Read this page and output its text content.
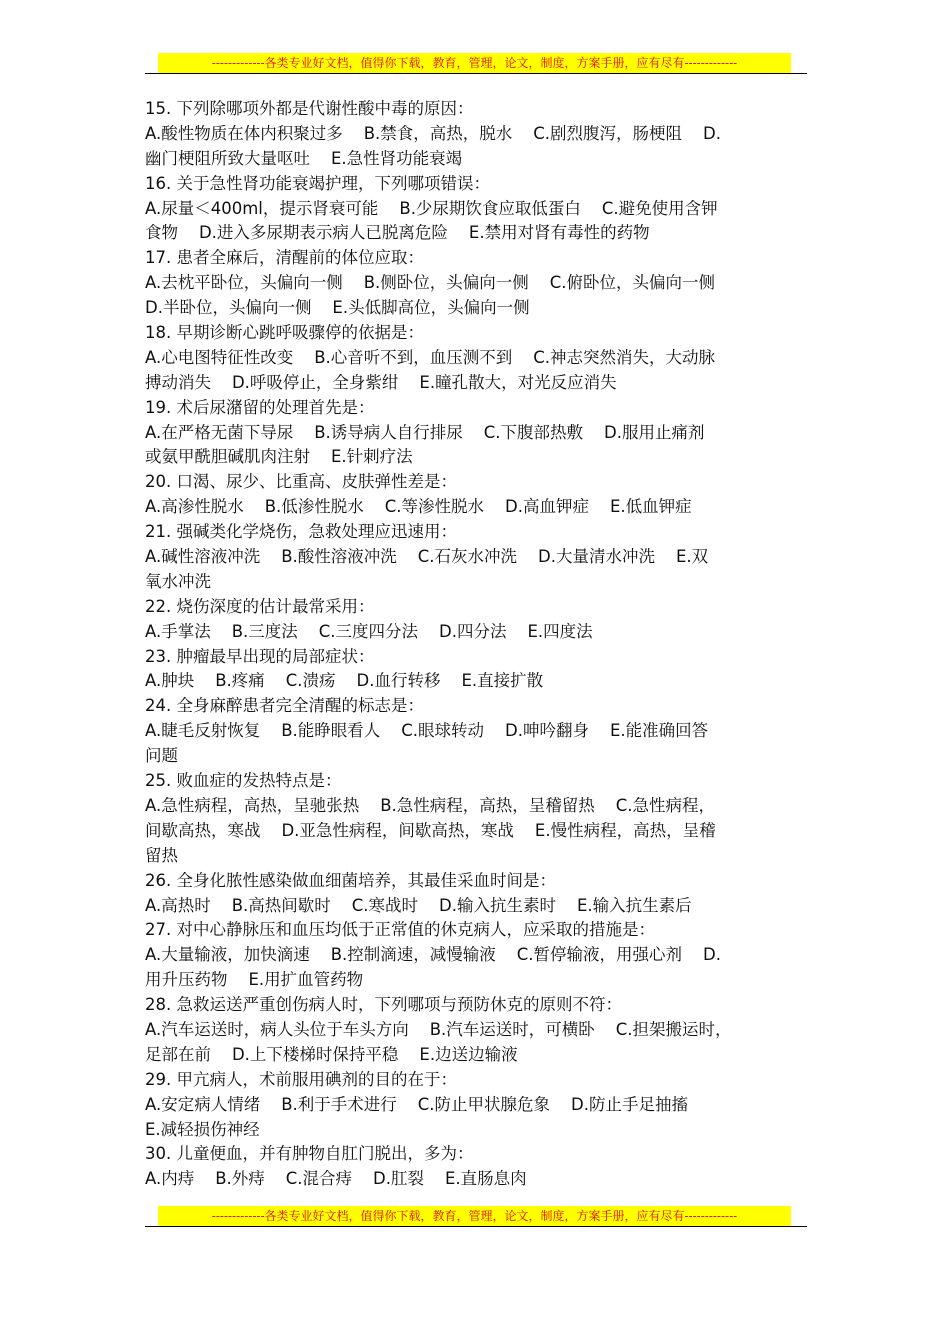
-------------各类专业好文档，值得你下载，教育，管理，论文，制度，方案手册，应有尽有-------------
15. 下列除哪项外都是代谢性酸中毒的原因：
A.酸性物质在体内积聚过多    B.禁食，高热，脱水    C.剧烈腹泻，肠梗阻    D.
幽门梗阻所致大量呕吐    E.急性肾功能衰竭
16. 关于急性肾功能衰竭护理，下列哪项错误：
A.尿量＜400ml，提示肾衰可能    B.少尿期饮食应取低蛋白    C.避免使用含钾
食物    D.进入多尿期表示病人已脱离危险    E.禁用对肾有毒性的药物
17. 患者全麻后，清醒前的体位应取：
A.去枕平卧位，头偏向一侧    B.侧卧位，头偏向一侧    C.俯卧位，头偏向一侧
D.半卧位，头偏向一侧    E.头低脚高位，头偏向一侧
18. 早期诊断心跳呼吸骤停的依据是：
A.心电图特征性改变    B.心音听不到，血压测不到    C.神志突然消失，大动脉
搏动消失    D.呼吸停止，全身紫绀    E.瞳孔散大，对光反应消失
19. 术后尿潴留的处理首先是：
A.在严格无菌下导尿    B.诱导病人自行排尿    C.下腹部热敷    D.服用止痛剂
或氨甲酰胆碱肌肉注射    E.针刺疗法
20. 口渴、尿少、比重高、皮肤弹性差是：
A.高渗性脱水    B.低渗性脱水    C.等渗性脱水    D.高血钾症    E.低血钾症
21. 强碱类化学烧伤，急救处理应迅速用：
A.碱性溶液冲洗    B.酸性溶液冲洗    C.石灰水冲洗    D.大量清水冲洗    E.双
氧水冲洗
22. 烧伤深度的估计最常采用：
A.手掌法    B.三度法    C.三度四分法    D.四分法    E.四度法
23. 肿瘤最早出现的局部症状：
A.肿块    B.疼痛    C.溃疡    D.血行转移    E.直接扩散
24. 全身麻醉患者完全清醒的标志是：
A.睫毛反射恢复    B.能睁眼看人    C.眼球转动    D.呻吟翻身    E.能准确回答
问题
25. 败血症的发热特点是：
A.急性病程，高热，呈驰张热    B.急性病程，高热，呈稽留热    C.急性病程，
间歇高热，寒战    D.亚急性病程，间歇高热，寒战    E.慢性病程，高热，呈稽
留热
26. 全身化脓性感染做血细菌培养，其最佳采血时间是：
A.高热时    B.高热间歇时    C.寒战时    D.输入抗生素时    E.输入抗生素后
27. 对中心静脉压和血压均低于正常值的休克病人，应采取的措施是：
A.大量输液，加快滴速    B.控制滴速，减慢输液    C.暂停输液，用强心剂    D.
用升压药物    E.用扩血管药物
28. 急救运送严重创伤病人时，下列哪项与预防休克的原则不符：
A.汽车运送时，病人头位于车头方向    B.汽车运送时，可横卧    C.担架搬运时，
足部在前    D.上下楼梯时保持平稳    E.边送边输液
29. 甲亢病人，术前服用碘剂的目的在于：
A.安定病人情绪    B.利于手术进行    C.防止甲状腺危象    D.防止手足抽搐
E.减轻损伤神经
30. 儿童便血，并有肿物自肛门脱出，多为：
A.内痔    B.外痔    C.混合痔    D.肛裂    E.直肠息肉
-------------各类专业好文档，值得你下载，教育，管理，论文，制度，方案手册，应有尽有-------------
